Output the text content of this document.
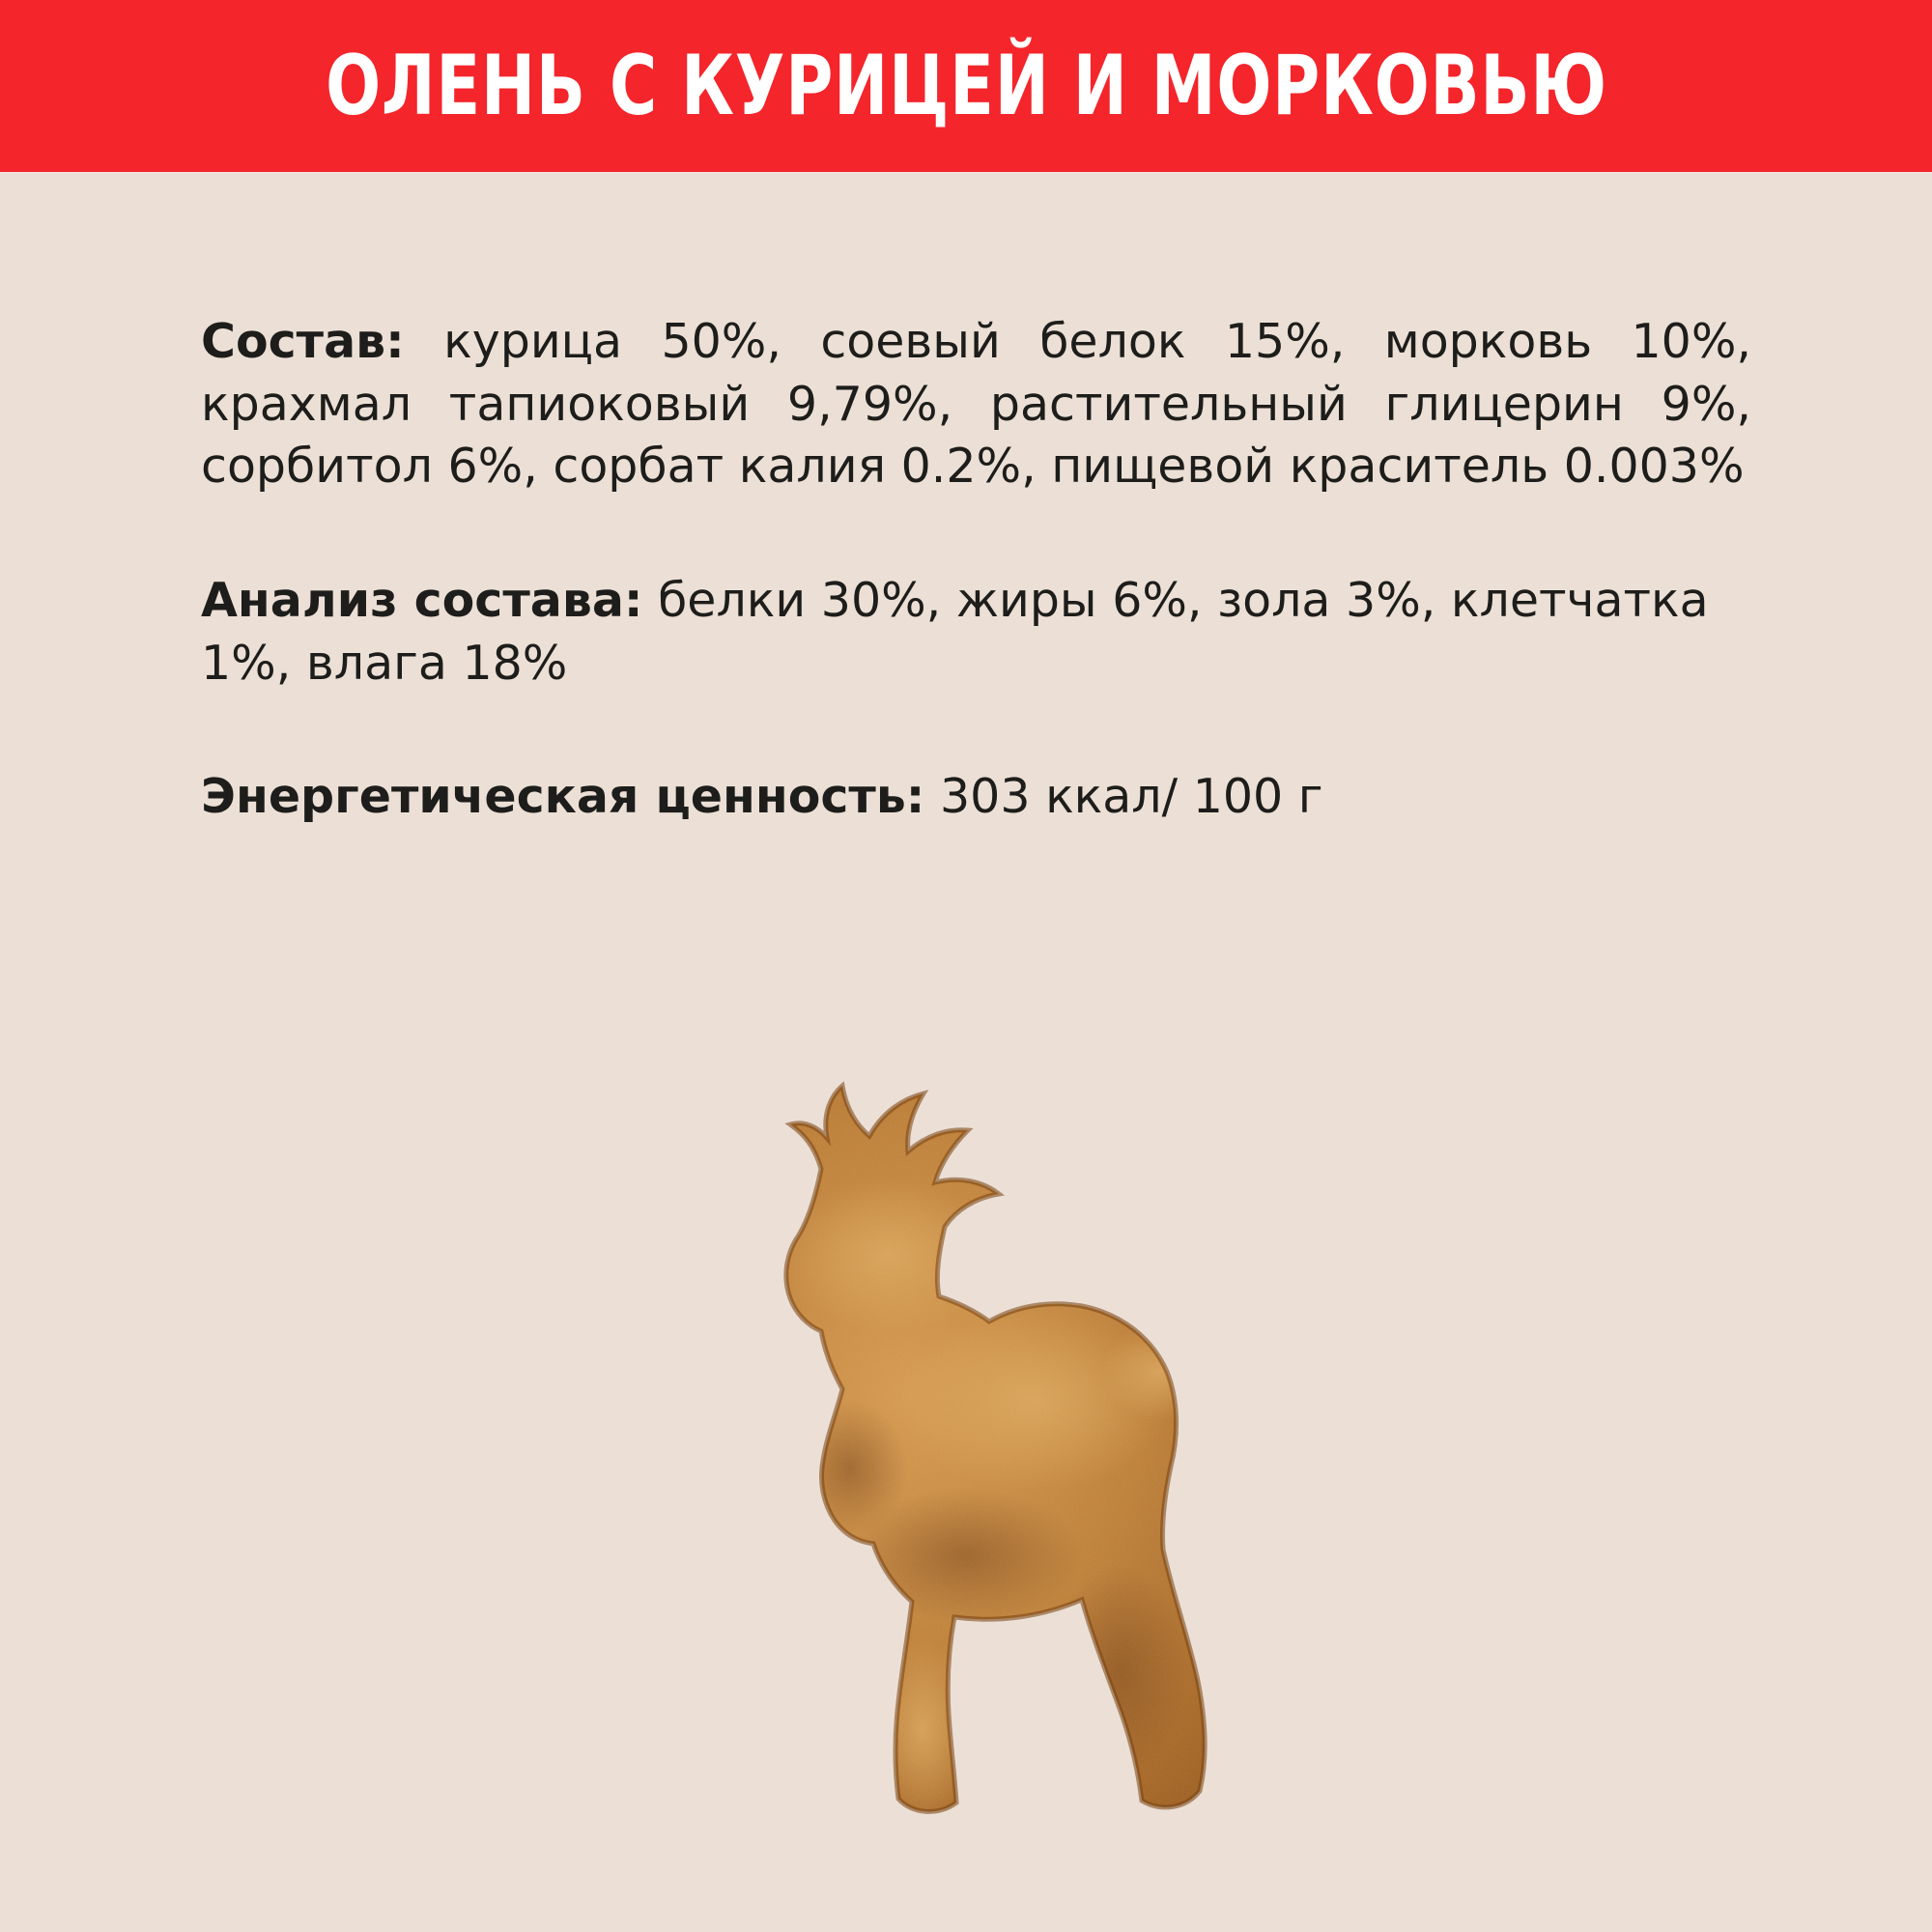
ОЛЕНЬ С КУРИЦЕЙ И МОРКОВЬЮ

Состав: курица 50%, соевый белок 15%, морковь 10%, крахмал тапиоковый 9,79%, растительный глицерин 9%, сорбитол 6%, сорбат калия 0.2%, пищевой краситель 0.003%

Анализ состава: белки 30%, жиры 6%, зола 3%, клетчатка 1%, влага 18%

Энергетическая ценность: 303 ккал/ 100 г
